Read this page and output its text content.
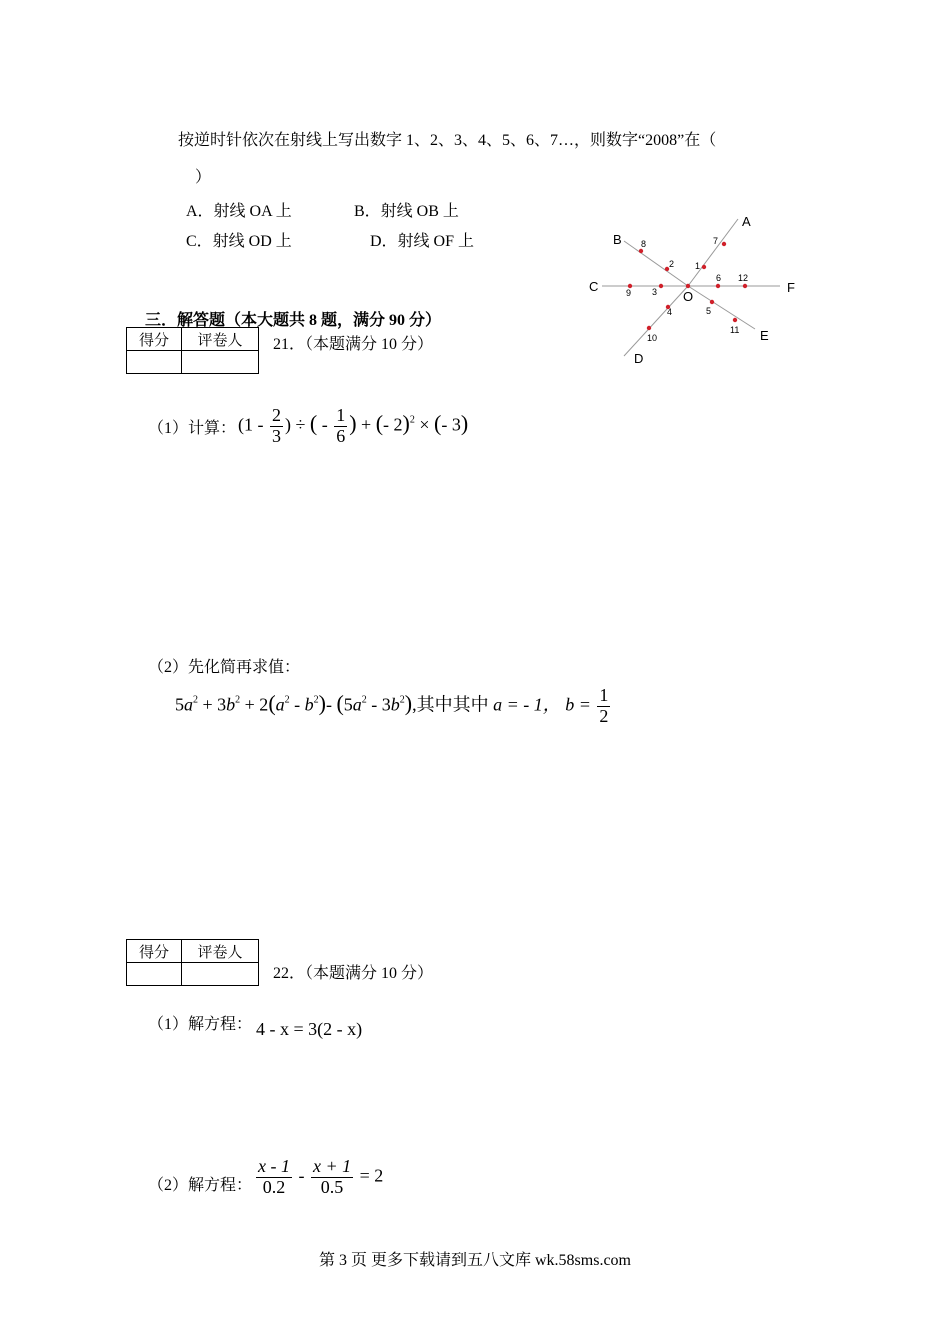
按逆时针依次在射线上写出数字 1、2、3、4、5、6、7…，则数字“2008”在（
）
A．射线 OA 上	B．射线 OB 上
C．射线 OD 上	D．射线 OF 上
A
B
C
D
E
F
O
1
2
3
4	5
6
7
8
9
10
11
12
三．解答题（本大题共 8 题，满分 90 分）
得分	评卷人
	21．（本题满分 10 分）
（1）计算： ($1 - \frac{2}{3}$ ) ÷ ( - $\frac{1}{6}$ ) + (- 2)$^2$ × (- 3)
（2）先化简再求值：
$5a^2 + 3b^2 + 2(a^2 - b^2)-$ $(5a^2 - 3b^2)$,其中其中 a = - 1， $b = \frac{1}{2}$
得分	评卷人

22．（本题满分 10 分）
（1）解方程： 4 - x = 3(2 - x)
（2）解方程： $\frac{x - 1}{0.2} - \frac{x + 1}{0.5} = 2$
第 3 页 更多下载请到五八文库 wk.58sms.com
